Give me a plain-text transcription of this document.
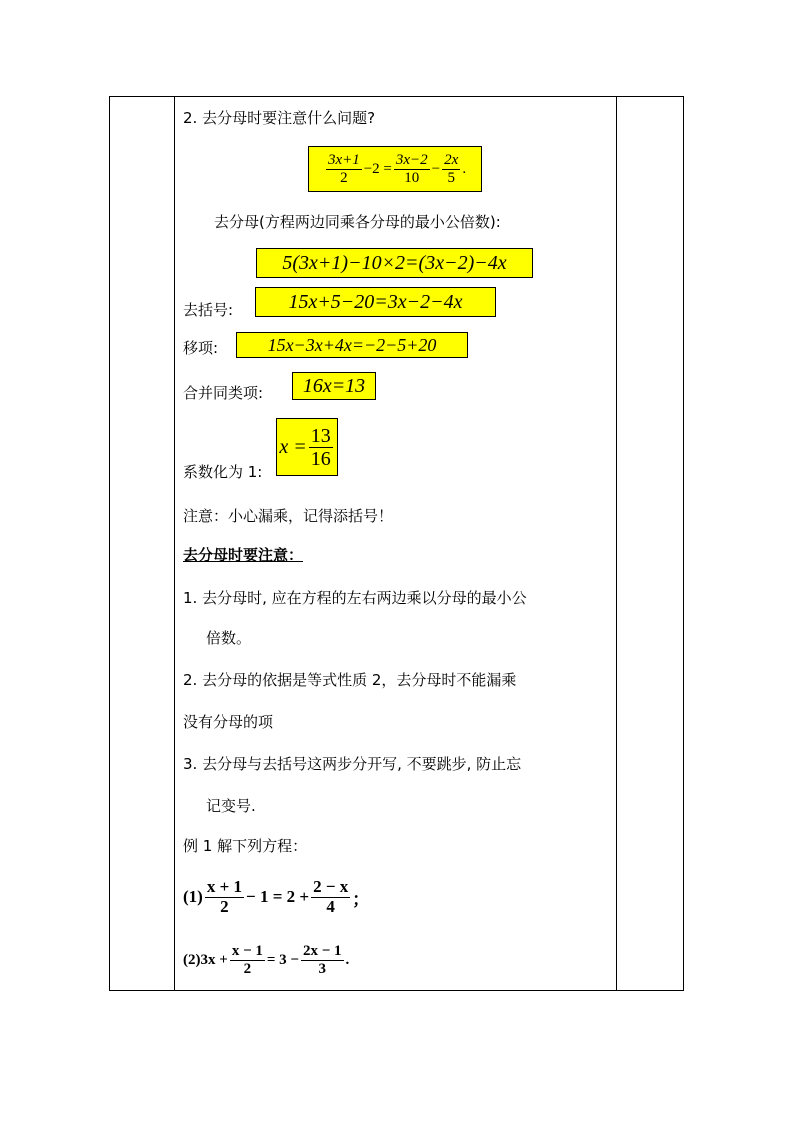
2. 去分母时要注意什么问题?
$\frac{3x+1}{2} -2 = \frac{3x-2}{10} - \frac{2x}{5}$ .
去分母(方程两边同乘各分母的最小公倍数):
5(3x+1)−10×2=(3x−2)−4x
去括号:	15x+5−20=3x−2−4x
移项:	15x−3x+4x=−2−5+20
合并同类项:	16x=13
系数化为 1:
$x = \frac{13}{16}$
注意：小心漏乘，记得添括号！
去分母时要注意：
1. 去分母时, 应在方程的左右两边乘以分母的最小公
倍数。
2. 去分母的依据是等式性质 2，去分母时不能漏乘
没有分母的项
3. 去分母与去括号这两步分开写, 不要跳步, 防止忘
记变号.
例 1 解下列方程：
$(1) \frac{x + 1}{2} - 1 = 2 + \frac{2 - x}{4}$ ；
(2) $3x + \frac{x - 1}{2} = 3 - \frac{2x - 1}{3}$ .
